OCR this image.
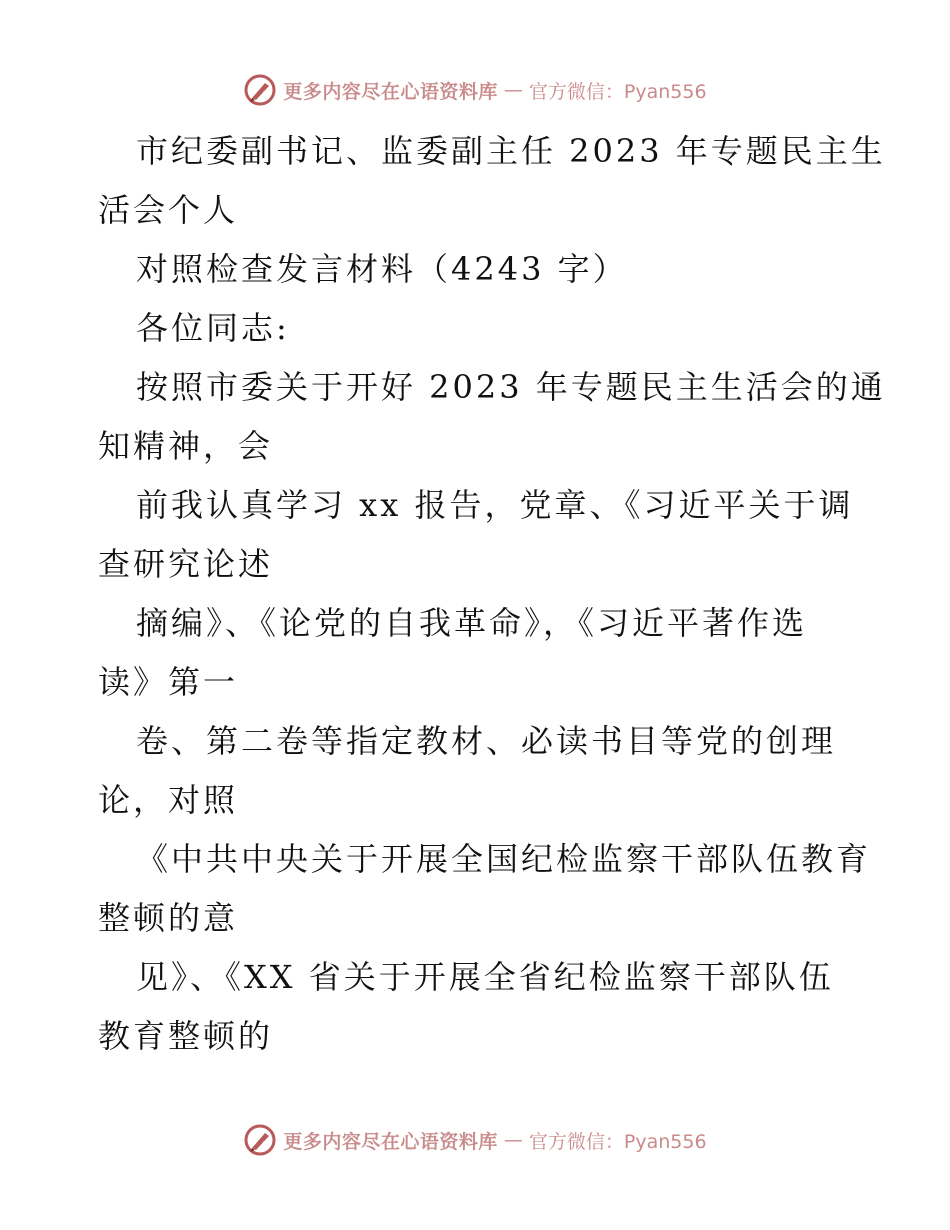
更多内容尽在心语资料库 — 官方微信：Pyan556
市纪委副书记、监委副主任 2023 年专题民主生
活会个人
对照检查发言材料（4243 字）
各位同志:
按照市委关于开好 2023 年专题民主生活会的通
知精神，会
前我认真学习 xx 报告，党章、《习近平关于调
查研究论述
摘编》、《论党的自我革命》，《习近平著作选
读》第一
卷、第二卷等指定教材、必读书目等党的创理
论，对照
《中共中央关于开展全国纪检监察干部队伍教育
整顿的意
见》、《XX 省关于开展全省纪检监察干部队伍
教育整顿的
更多内容尽在心语资料库 — 官方微信：Pyan556
